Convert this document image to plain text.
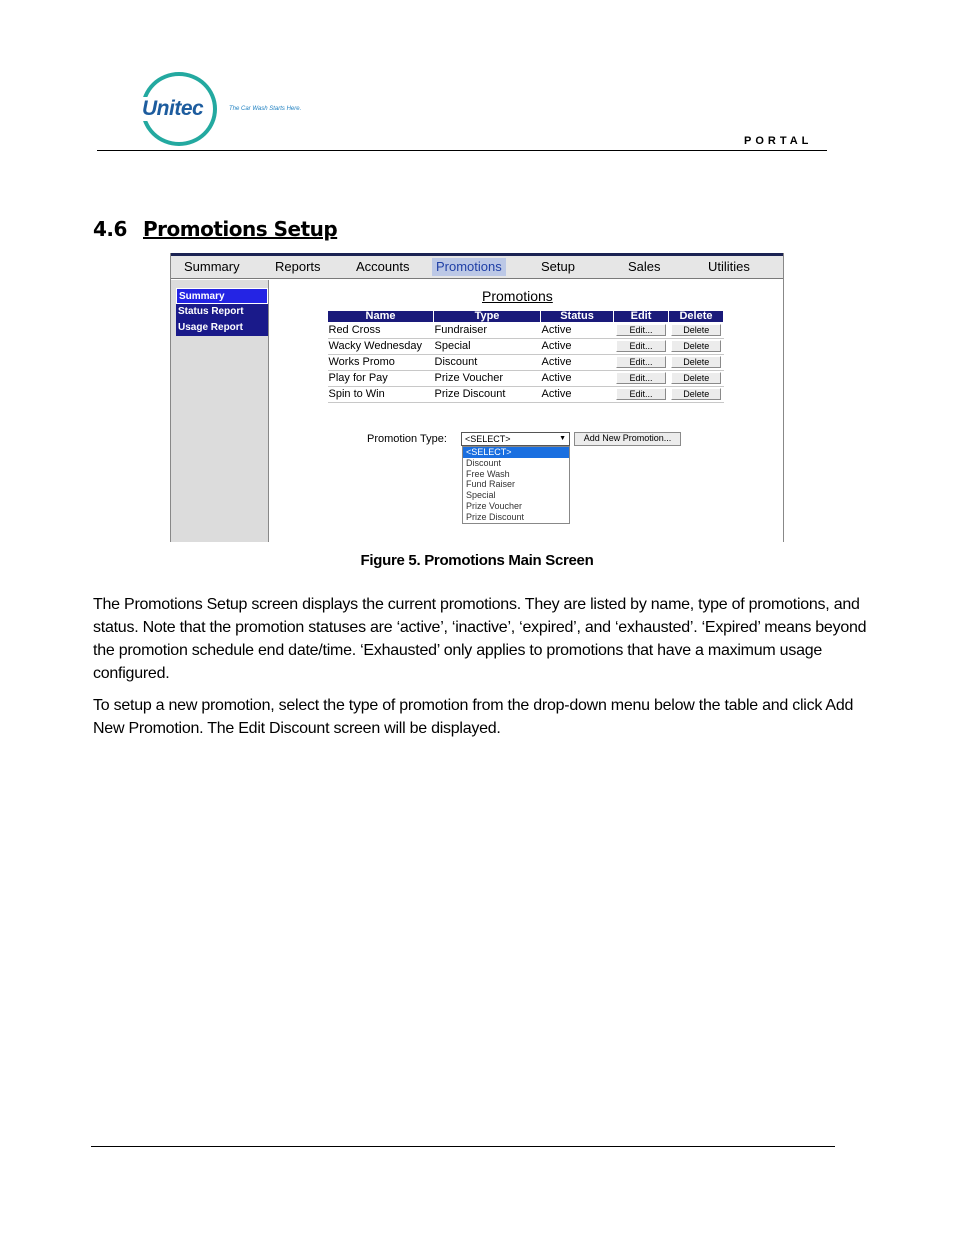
Unitec	The Car Wash Starts Here.
PORTAL
4.6 Promotions Setup
Summary	Reports	Accounts	Promotions	Setup	Sales	Utilities
Summary
Status Report
Usage Report
Promotions
Name	Type	Status	Edit	Delete
Red Cross	Fundraiser	Active	Edit...	Delete
Wacky Wednesday	Special	Active	Edit...	Delete
Works Promo	Discount	Active	Edit...	Delete
Play for Pay	Prize Voucher	Active	Edit...	Delete
Spin to Win	Prize Discount	Active	Edit...	Delete
Promotion Type:	<SELECT>	▼	Add New Promotion...
<SELECT>
Discount
Free Wash
Fund Raiser
Special
Prize Voucher
Prize Discount
Figure 5. Promotions Main Screen

The Promotions Setup screen displays the current promotions. They are listed by name, type of promotions, and status. Note that the promotion statuses are ‘active’, ‘inactive’, ‘expired’, and ‘exhausted’. ‘Expired’ means beyond the promotion schedule end date/time. ‘Exhausted’ only applies to promotions that have a maximum usage configured.

To setup a new promotion, select the type of promotion from the drop-down menu below the table and click Add New Promotion. The Edit Discount screen will be displayed.
